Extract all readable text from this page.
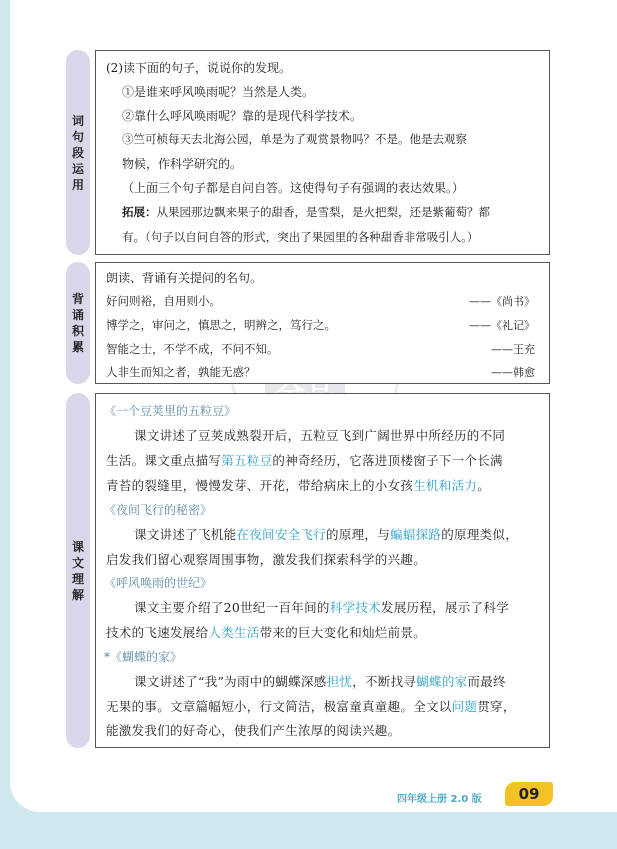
词
句
段
运
用
(2)读下面的句子，说说你的发现。
①是谁来呼风唤雨呢？当然是人类。
②靠什么呼风唤雨呢？靠的是现代科学技术。
③竺可桢每天去北海公园，单是为了观赏景物吗？不是。他是去观察
物候，作科学研究的。
（上面三个句子都是自问自答。这使得句子有强调的表达效果。）
拓展：从果园那边飘来果子的甜香，是雪梨，是火把梨，还是紫葡萄？都
有。（句子以自问自答的形式，突出了果园里的各种甜香非常吸引人。）
背
诵
积
累
朗读、背诵有关提问的名句。
好问则裕，自用则小。	——《尚书》
博学之，审问之，慎思之，明辨之，笃行之。	——《礼记》
智能之士，不学不成，不问不知。	——王充
人非生而知之者，孰能无惑？	——韩愈
课
文
理
解
《一个豆荚里的五粒豆》
课文讲述了豆荚成熟裂开后，五粒豆飞到广阔世界中所经历的不同
生活。课文重点描写第五粒豆的神奇经历，它落进顶楼窗子下一个长满
青苔的裂缝里，慢慢发芽、开花，带给病床上的小女孩生机和活力。
《夜间飞行的秘密》
课文讲述了飞机能在夜间安全飞行的原理，与蝙蝠探路的原理类似，
启发我们留心观察周围事物，激发我们探索科学的兴趣。
《呼风唤雨的世纪》
课文主要介绍了20世纪一百年间的科学技术发展历程，展示了科学
技术的飞速发展给人类生活带来的巨大变化和灿烂前景。
*《蝴蝶的家》
课文讲述了“我”为雨中的蝴蝶深感担忧，不断找寻蝴蝶的家而最终
无果的事。文章篇幅短小，行文简洁，极富童真童趣。全文以问题贯穿，
能激发我们的好奇心，使我们产生浓厚的阅读兴趣。
四年级上册 2.0 版	09
